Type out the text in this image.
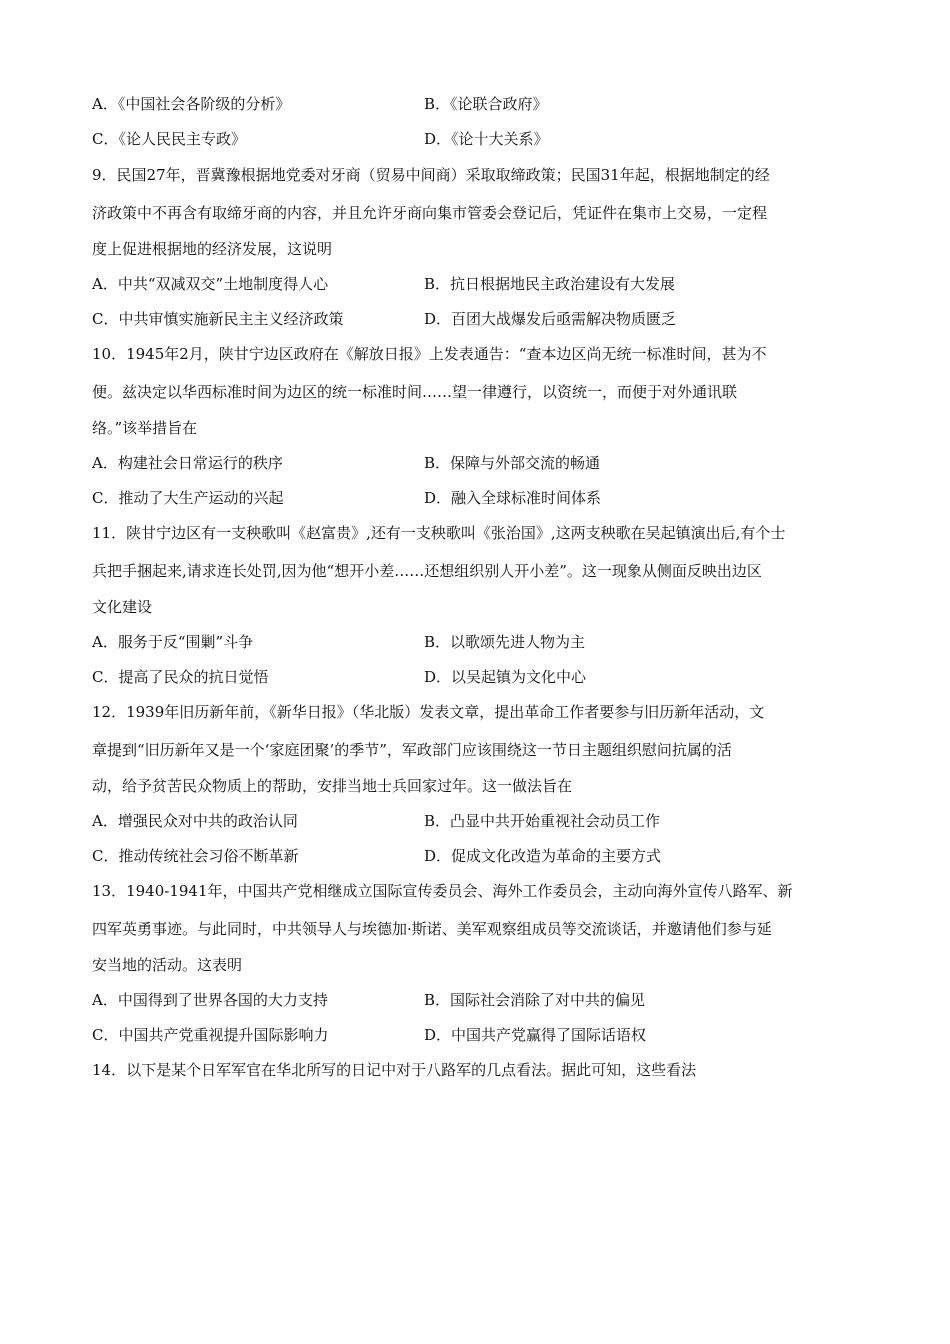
A．《中国社会各阶级的分析》	B．《论联合政府》
C．《论人民民主专政》	D．《论十大关系》
9．民国27年，晋冀豫根据地党委对牙商（贸易中间商）采取取缔政策；民国31年起，根据地制定的经
济政策中不再含有取缔牙商的内容，并且允许牙商向集市管委会登记后，凭证件在集市上交易，一定程
度上促进根据地的经济发展，这说明
A．中共“双减双交”土地制度得人心	B．抗日根据地民主政治建设有大发展
C．中共审慎实施新民主主义经济政策	D．百团大战爆发后亟需解决物质匮乏
10．1945年2月，陕甘宁边区政府在《解放日报》上发表通告：“查本边区尚无统一标准时间，甚为不
便。兹决定以华西标准时间为边区的统一标准时间……望一律遵行，以资统一，而便于对外通讯联
络。”该举措旨在
A．构建社会日常运行的秩序	B．保障与外部交流的畅通
C．推动了大生产运动的兴起	D．融入全球标准时间体系
11．陕甘宁边区有一支秧歌叫《赵富贵》,还有一支秧歌叫《张治国》,这两支秧歌在吴起镇演出后,有个士
兵把手捆起来,请求连长处罚,因为他“想开小差……还想组织别人开小差”。这一现象从侧面反映出边区
文化建设
A．服务于反“围剿”斗争	B．以歌颂先进人物为主
C．提高了民众的抗日觉悟	D．以吴起镇为文化中心
12．1939年旧历新年前，《新华日报》（华北版）发表文章，提出革命工作者要参与旧历新年活动，文
章提到“旧历新年又是一个‘家庭团聚’的季节”，军政部门应该围绕这一节日主题组织慰问抗属的活
动，给予贫苦民众物质上的帮助，安排当地士兵回家过年。这一做法旨在
A．增强民众对中共的政治认同	B．凸显中共开始重视社会动员工作
C．推动传统社会习俗不断革新	D．促成文化改造为革命的主要方式
13．1940-1941年，中国共产党相继成立国际宣传委员会、海外工作委员会，主动向海外宣传八路军、新
四军英勇事迹。与此同时，中共领导人与埃德加·斯诺、美军观察组成员等交流谈话，并邀请他们参与延
安当地的活动。这表明
A．中国得到了世界各国的大力支持	B．国际社会消除了对中共的偏见
C．中国共产党重视提升国际影响力	D．中国共产党赢得了国际话语权
14．以下是某个日军军官在华北所写的日记中对于八路军的几点看法。据此可知，这些看法
